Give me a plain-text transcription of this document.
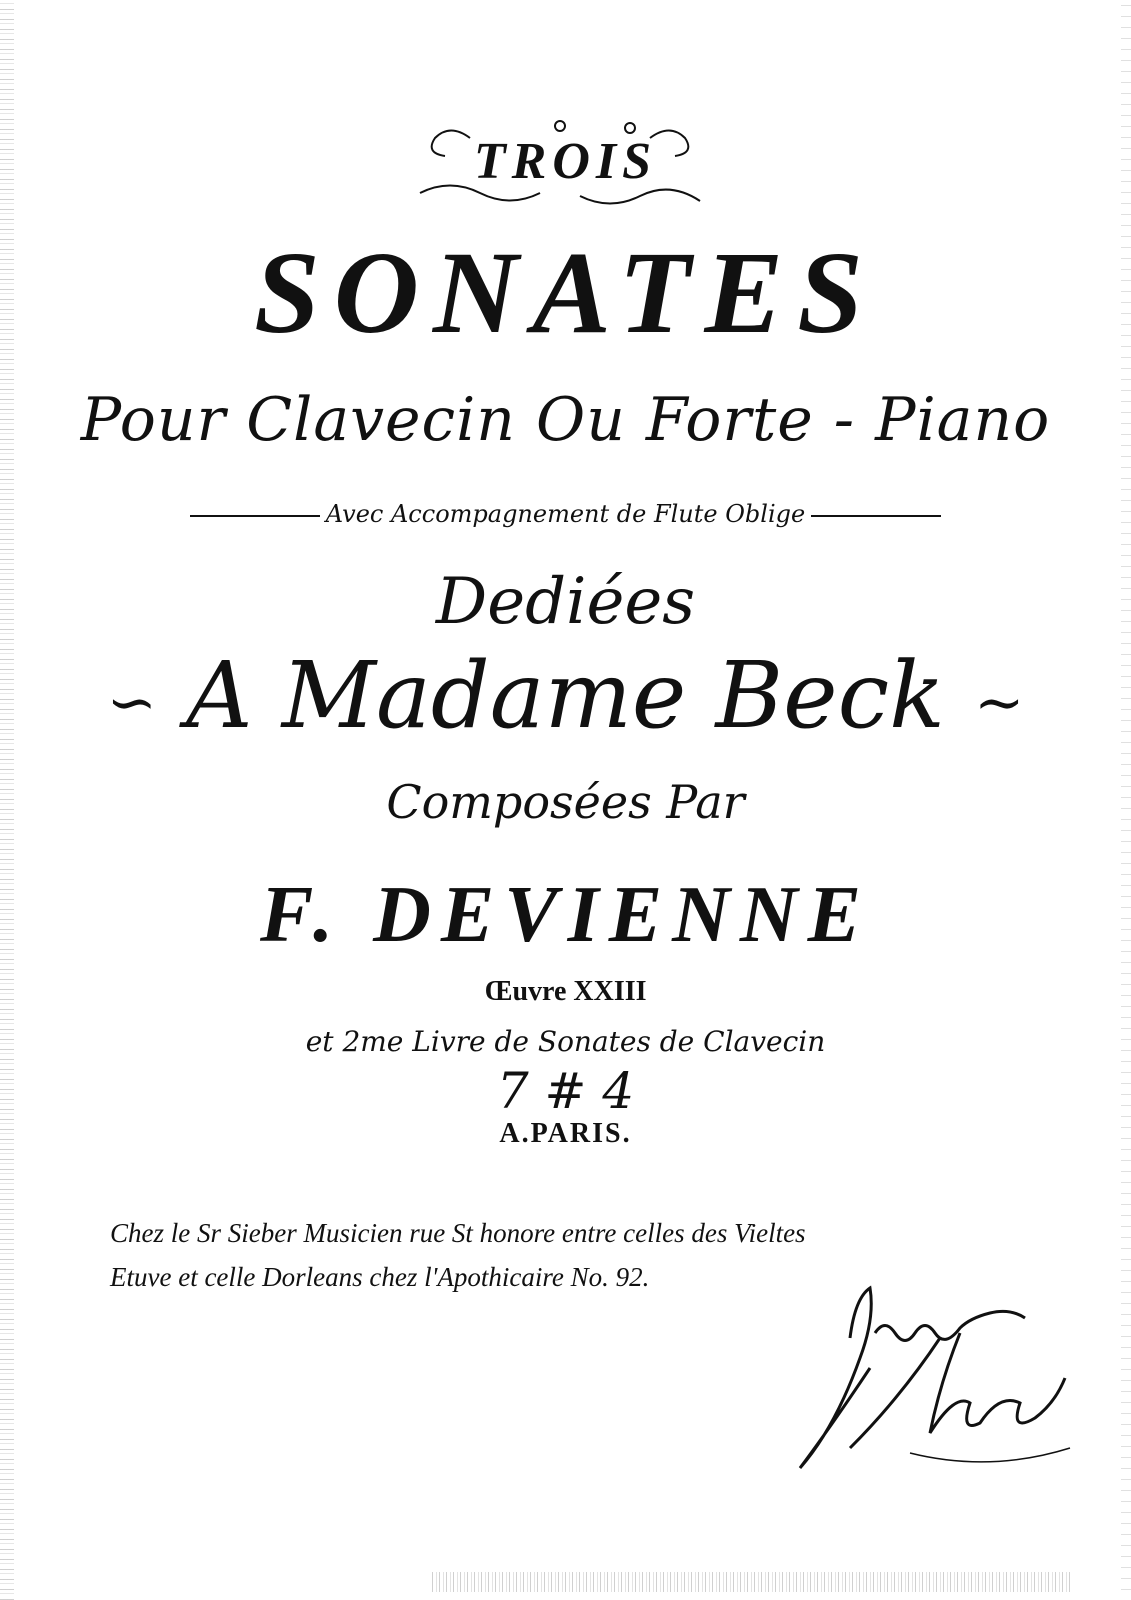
TROIS
SONATES
Pour Clavecin Ou Forte - Piano
Avec Accompagnement de Flute Oblige
Dediées
∽ A Madame Beck ∼
Composées Par
F. DEVIENNE
Œuvre XXIII
et 2me Livre de Sonates de Clavecin
7 # 4
A.PARIS.
Chez le Sr Sieber Musicien rue St honore entre celles des Vieltes
Etuve et celle Dorleans chez l'Apothicaire No. 92.
